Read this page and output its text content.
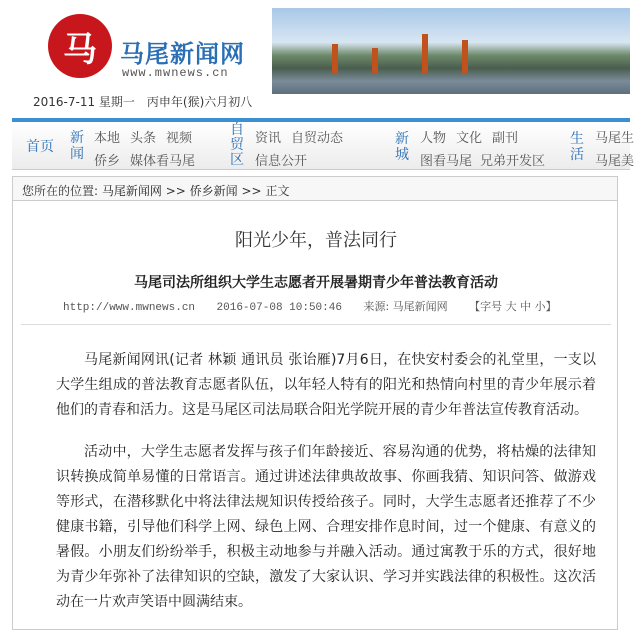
马 马尾新闻网
www.mwnews.cn
2016-7-11 星期一　丙申年(猴)六月初八
首页
新闻
本地 头条 视频
侨乡 媒体看马尾
自贸区
资讯 自贸动态
信息公开
新城
人物 文化 副刊
图看马尾 兄弟开发区
生活
马尾生
马尾美
您所在的位置: 马尾新闻网 >> 侨乡新闻 >> 正文
阳光少年，普法同行
马尾司法所组织大学生志愿者开展暑期青少年普法教育活动
http://www.mwnews.cn 2016-07-08 10:50:46 来源: 马尾新闻网 【字号 大 中 小】

马尾新闻网讯(记者 林颖 通讯员 张诒雁)7月6日，在快安村委会的礼堂里，一支以大学生组成的普法教育志愿者队伍，以年轻人特有的阳光和热情向村里的青少年展示着他们的青春和活力。这是马尾区司法局联合阳光学院开展的青少年普法宣传教育活动。

活动中，大学生志愿者发挥与孩子们年龄接近、容易沟通的优势，将枯燥的法律知识转换成简单易懂的日常语言。通过讲述法律典故故事、你画我猜、知识问答、做游戏等形式，在潜移默化中将法律法规知识传授给孩子。同时，大学生志愿者还推荐了不少健康书籍，引导他们科学上网、绿色上网、合理安排作息时间，过一个健康、有意义的暑假。小朋友们纷纷举手，积极主动地参与并融入活动。通过寓教于乐的方式，很好地为青少年弥补了法律知识的空缺，激发了大家认识、学习并实践法律的积极性。这次活动在一片欢声笑语中圆满结束。
